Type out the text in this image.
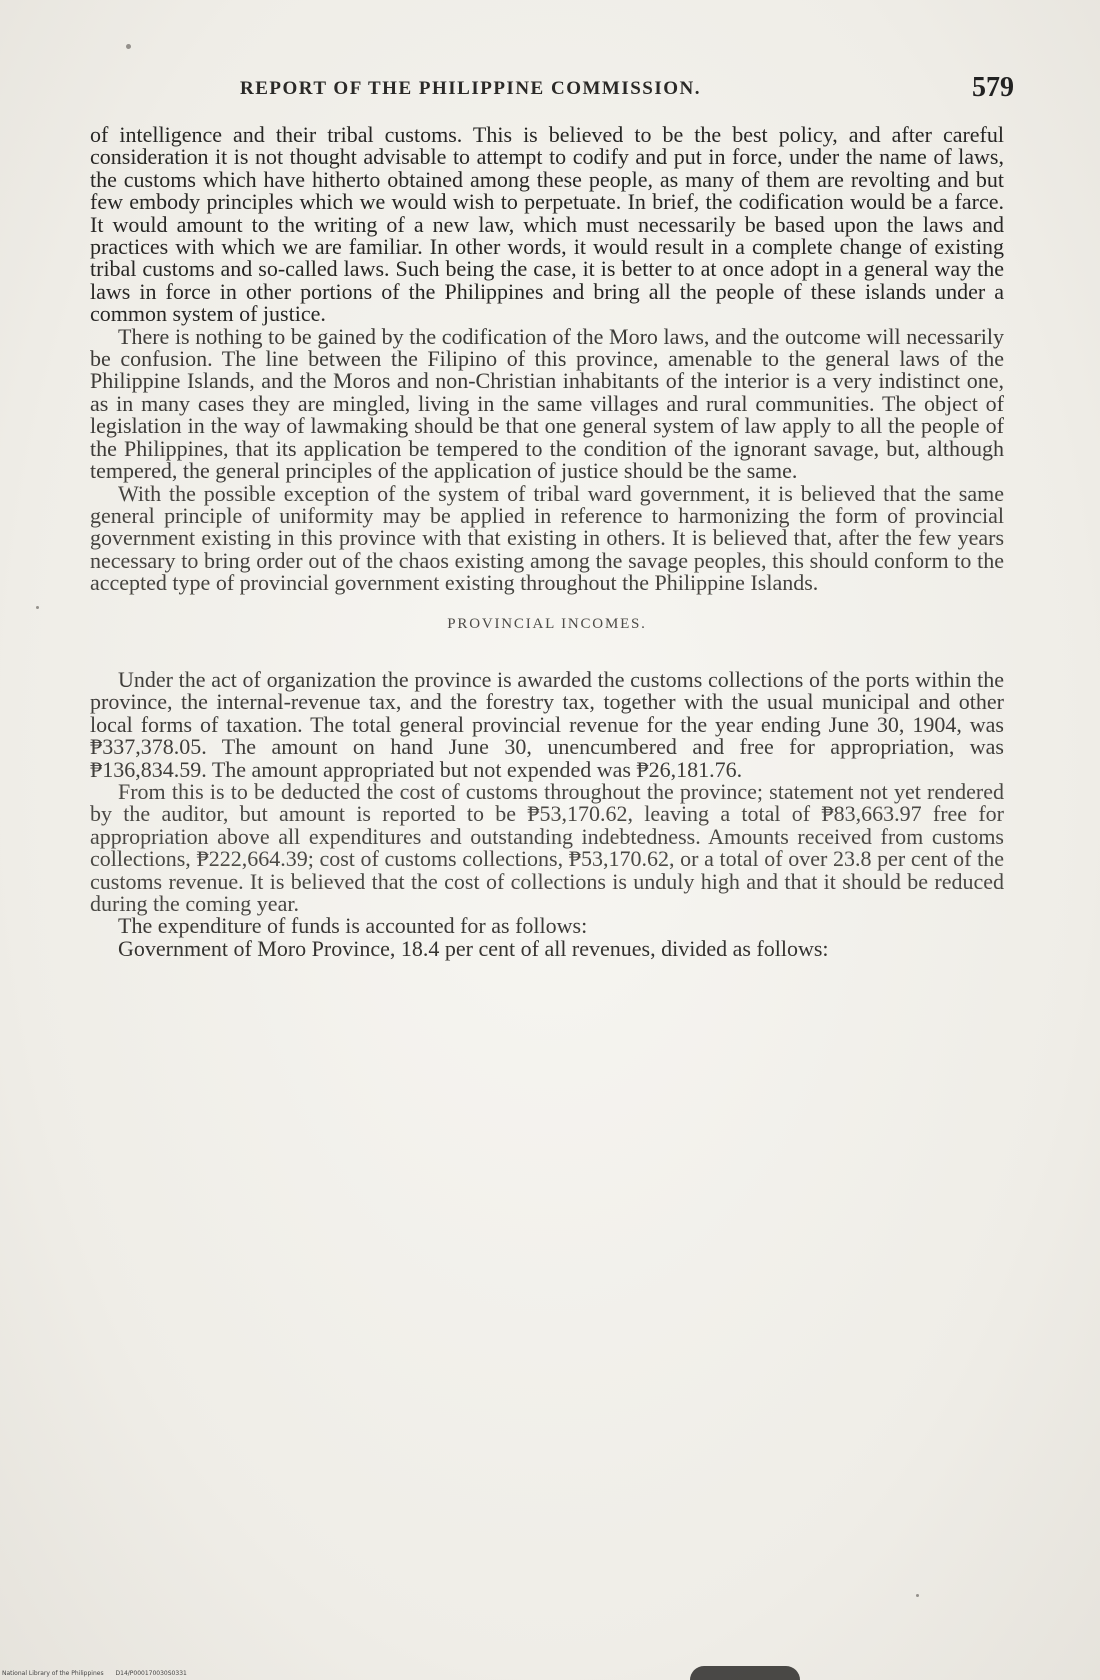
REPORT OF THE PHILIPPINE COMMISSION.	579

of intelligence and their tribal customs. This is believed to be the best policy, and after careful consideration it is not thought advisable to attempt to codify and put in force, under the name of laws, the customs which have hitherto obtained among these people, as many of them are revolting and but few embody principles which we would wish to perpetuate. In brief, the codification would be a farce. It would amount to the writing of a new law, which must necessarily be based upon the laws and practices with which we are familiar. In other words, it would result in a complete change of existing tribal customs and so-called laws. Such being the case, it is better to at once adopt in a general way the laws in force in other portions of the Philippines and bring all the people of these islands under a common system of justice.

There is nothing to be gained by the codification of the Moro laws, and the outcome will necessarily be confusion. The line between the Filipino of this province, amenable to the general laws of the Philippine Islands, and the Moros and non-Christian inhabitants of the interior is a very indistinct one, as in many cases they are mingled, living in the same villages and rural communities. The object of legislation in the way of lawmaking should be that one general system of law apply to all the people of the Philippines, that its application be tempered to the condition of the ignorant savage, but, although tempered, the general principles of the application of justice should be the same.

With the possible exception of the system of tribal ward government, it is believed that the same general principle of uniformity may be applied in reference to harmonizing the form of provincial government existing in this province with that existing in others. It is believed that, after the few years necessary to bring order out of the chaos existing among the savage peoples, this should conform to the accepted type of provincial government existing throughout the Philippine Islands.

PROVINCIAL INCOMES.

Under the act of organization the province is awarded the customs collections of the ports within the province, the internal-revenue tax, and the forestry tax, together with the usual municipal and other local forms of taxation. The total general provincial revenue for the year ending June 30, 1904, was ₱337,378.05. The amount on hand June 30, unencumbered and free for appropriation, was ₱136,834.59. The amount appropriated but not expended was ₱26,181.76.

From this is to be deducted the cost of customs throughout the province; statement not yet rendered by the auditor, but amount is reported to be ₱53,170.62, leaving a total of ₱83,663.97 free for appropriation above all expenditures and outstanding indebtedness. Amounts received from customs collections, ₱222,664.39; cost of customs collections, ₱53,170.62, or a total of over 23.8 per cent of the customs revenue. It is believed that the cost of collections is unduly high and that it should be reduced during the coming year.

The expenditure of funds is accounted for as follows:

Government of Moro Province, 18.4 per cent of all revenues, divided as follows:

National Library of the Philippines D14/P000170030S0331
